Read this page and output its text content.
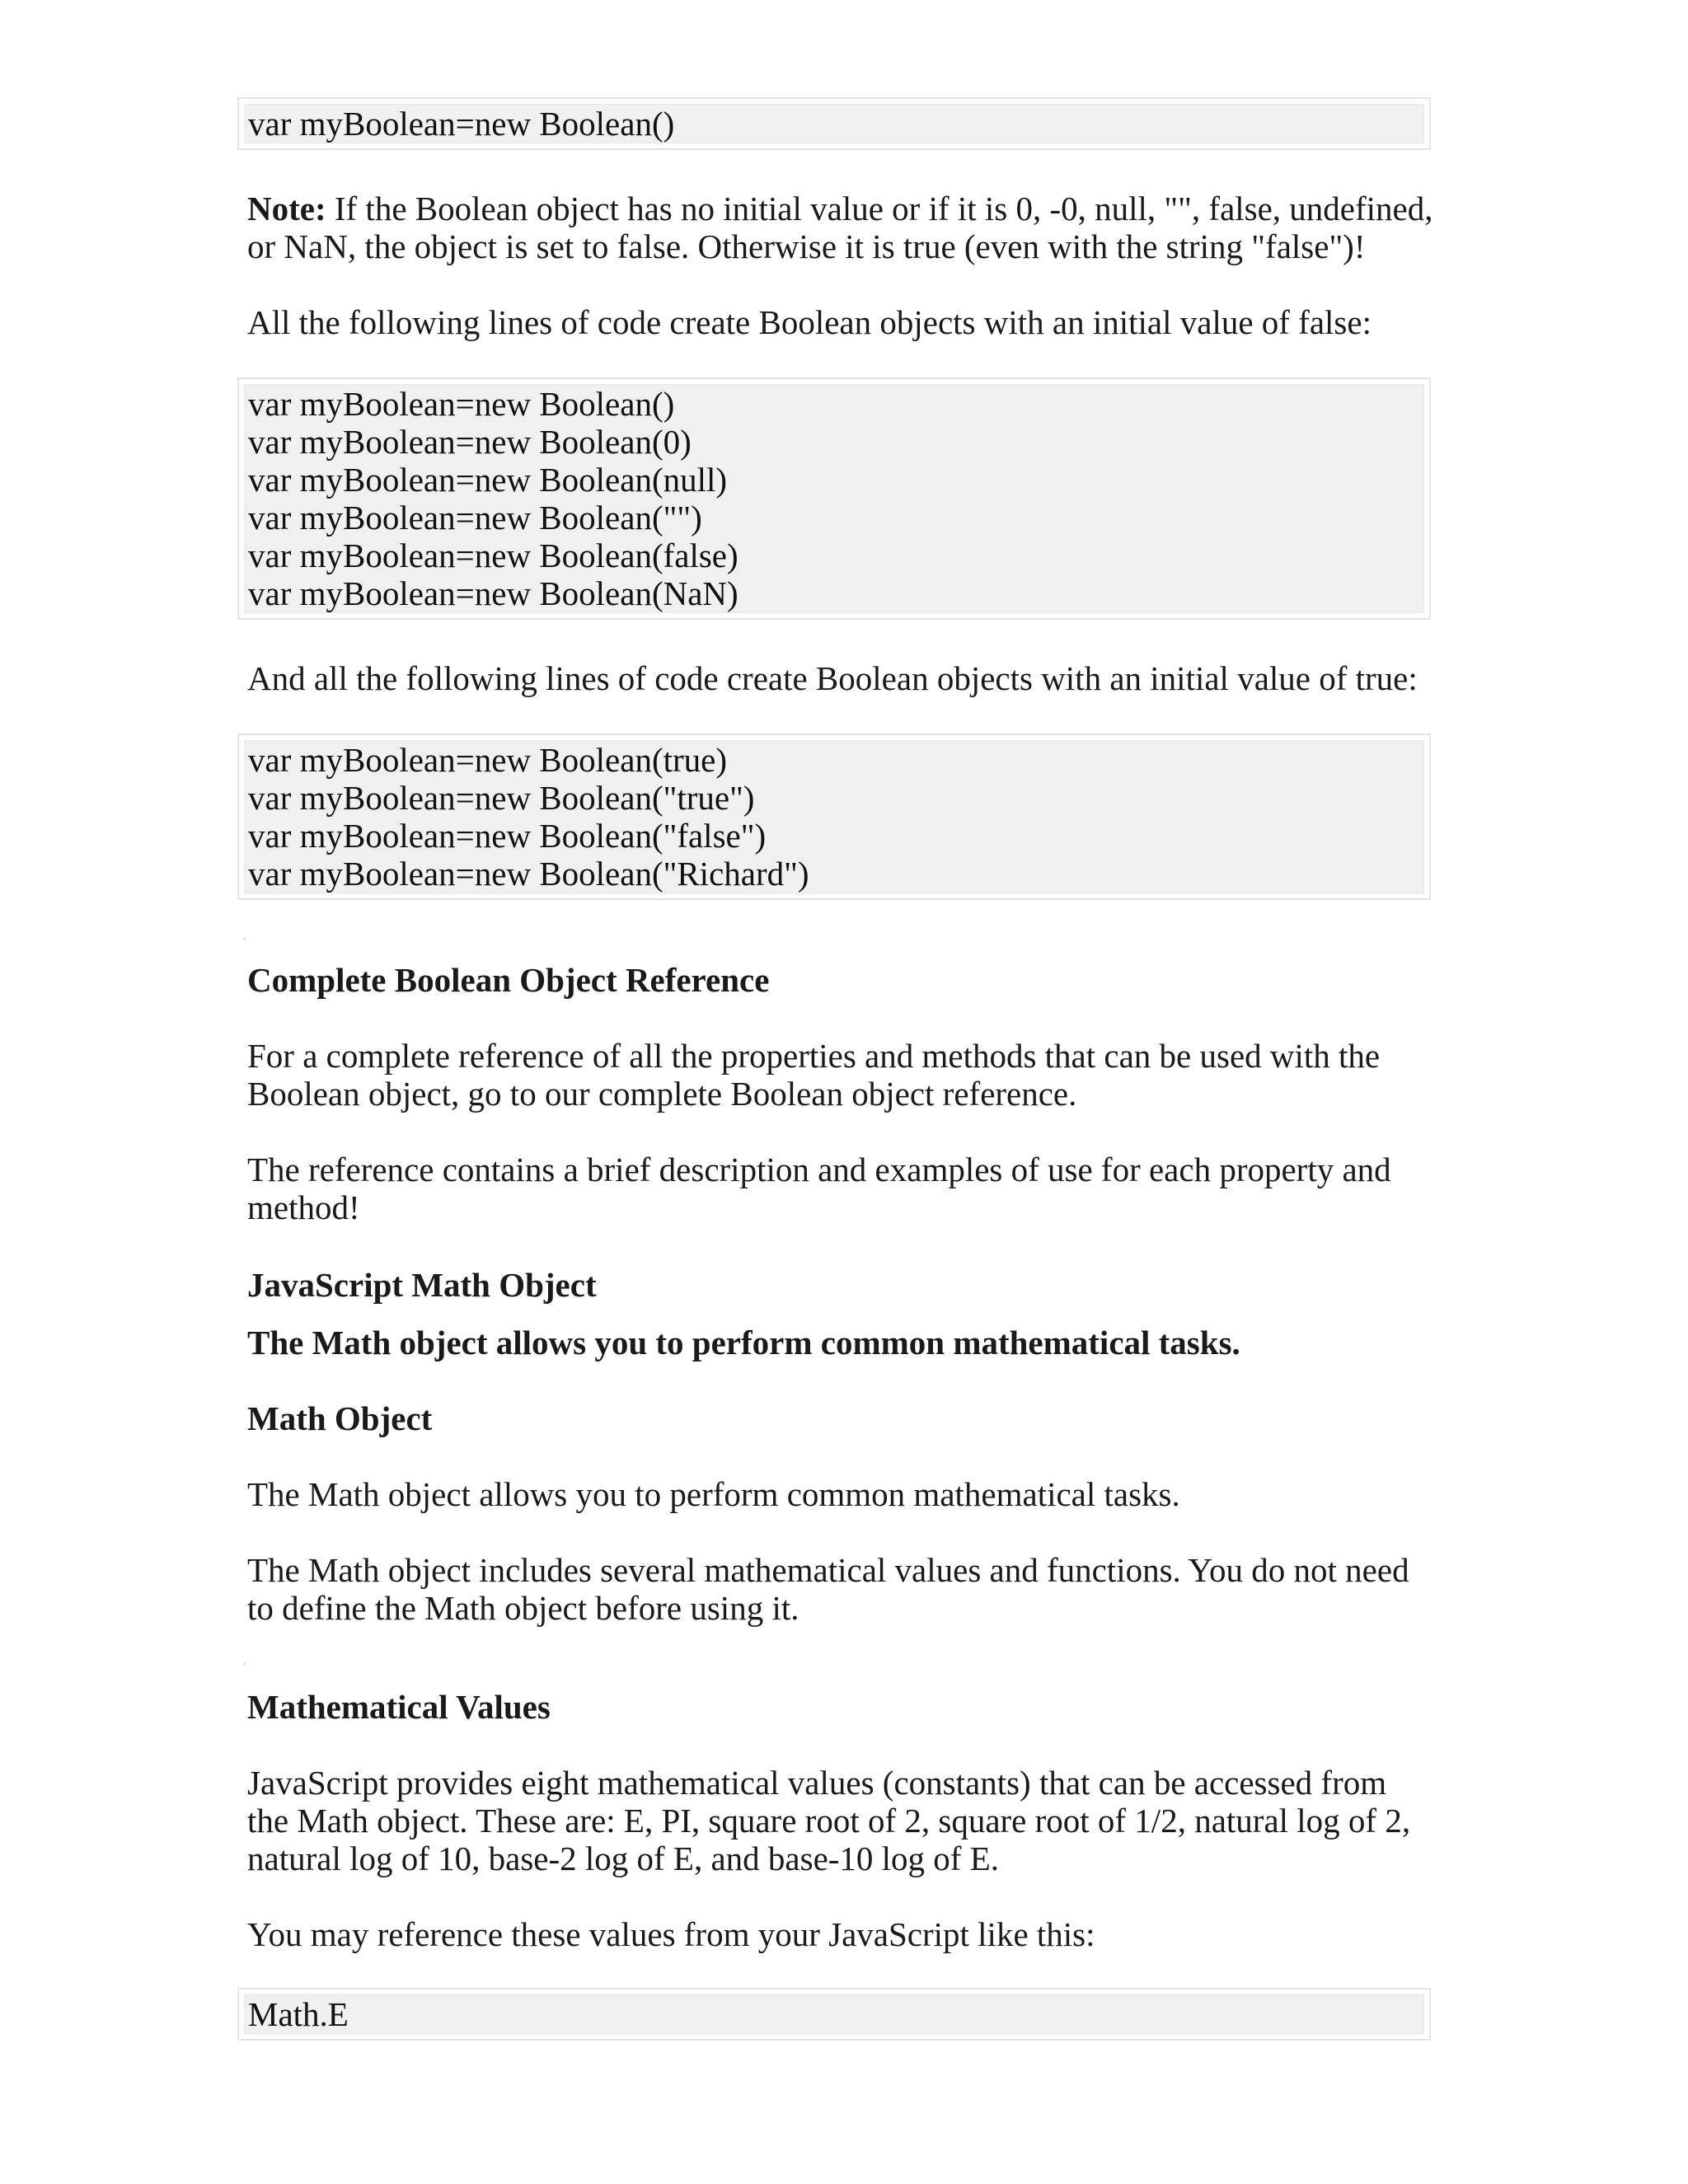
var myBoolean=new Boolean()

Note: If the Boolean object has no initial value or if it is 0, -0, null, "", false, undefined, or NaN, the object is set to false. Otherwise it is true (even with the string "false")!

All the following lines of code create Boolean objects with an initial value of false:

var myBoolean=new Boolean()
var myBoolean=new Boolean(0)
var myBoolean=new Boolean(null)
var myBoolean=new Boolean("")
var myBoolean=new Boolean(false)
var myBoolean=new Boolean(NaN)

And all the following lines of code create Boolean objects with an initial value of true:

var myBoolean=new Boolean(true)
var myBoolean=new Boolean("true")
var myBoolean=new Boolean("false")
var myBoolean=new Boolean("Richard")
Complete Boolean Object Reference

For a complete reference of all the properties and methods that can be used with the Boolean object, go to our complete Boolean object reference.

The reference contains a brief description and examples of use for each property and method!

JavaScript Math Object
The Math object allows you to perform common mathematical tasks.
Math Object

The Math object allows you to perform common mathematical tasks.

The Math object includes several mathematical values and functions. You do not need to define the Math object before using it.

Mathematical Values

JavaScript provides eight mathematical values (constants) that can be accessed from the Math object. These are: E, PI, square root of 2, square root of 1/2, natural log of 2, natural log of 10, base-2 log of E, and base-10 log of E.

You may reference these values from your JavaScript like this:

Math.E
